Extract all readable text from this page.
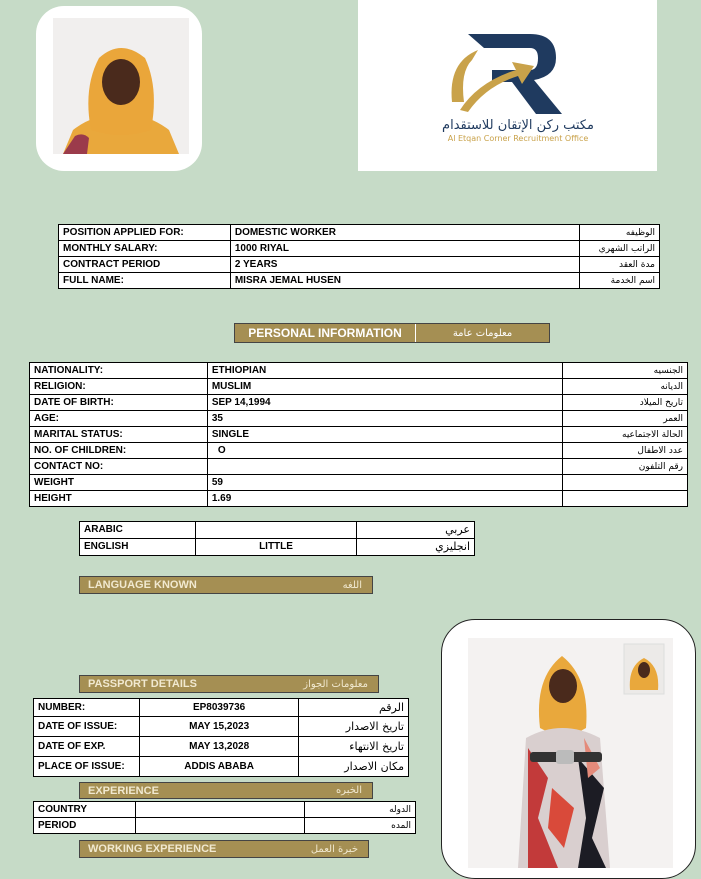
مكتب ركن الإتقان للاستقدام
Al Etqan Corner Recruitment Office
POSITION APPLIED FOR:	DOMESTIC WORKER	الوظيفه
MONTHLY SALARY:	1000 RIYAL	الراتب الشهري
CONTRACT PERIOD	2 YEARS	مدة العقد
FULL NAME:	MISRA JEMAL HUSEN	اسم الخدمة
PERSONAL INFORMATION	معلومات عامة
NATIONALITY:	ETHIOPIAN	الجنسيه
RELIGION:	MUSLIM	الديانه
DATE OF BIRTH:	SEP 14,1994	تاريخ الميلاد
AGE:	35	العمر
MARITAL STATUS:	SINGLE	الحالة الاجتماعيه
NO. OF CHILDREN:	O	عدد الاطفال
CONTACT NO:		رقم التلفون
WEIGHT	59	
HEIGHT	1.69	
ARABIC		عربي
ENGLISH	LITTLE	انجليزي
LANGUAGE KNOWN	اللغه
PASSPORT DETAILS	معلومات الجواز
NUMBER:	EP8039736	الرقم
DATE OF ISSUE:	MAY 15,2023	تاريخ الاصدار
DATE OF EXP.	MAY 13,2028	تاريخ الانتهاء
PLACE OF ISSUE:	ADDIS ABABA	مكان الاصدار
EXPERIENCE	الخبره
COUNTRY		الدوله
PERIOD		المده
WORKING EXPERIENCE	خبرة العمل
